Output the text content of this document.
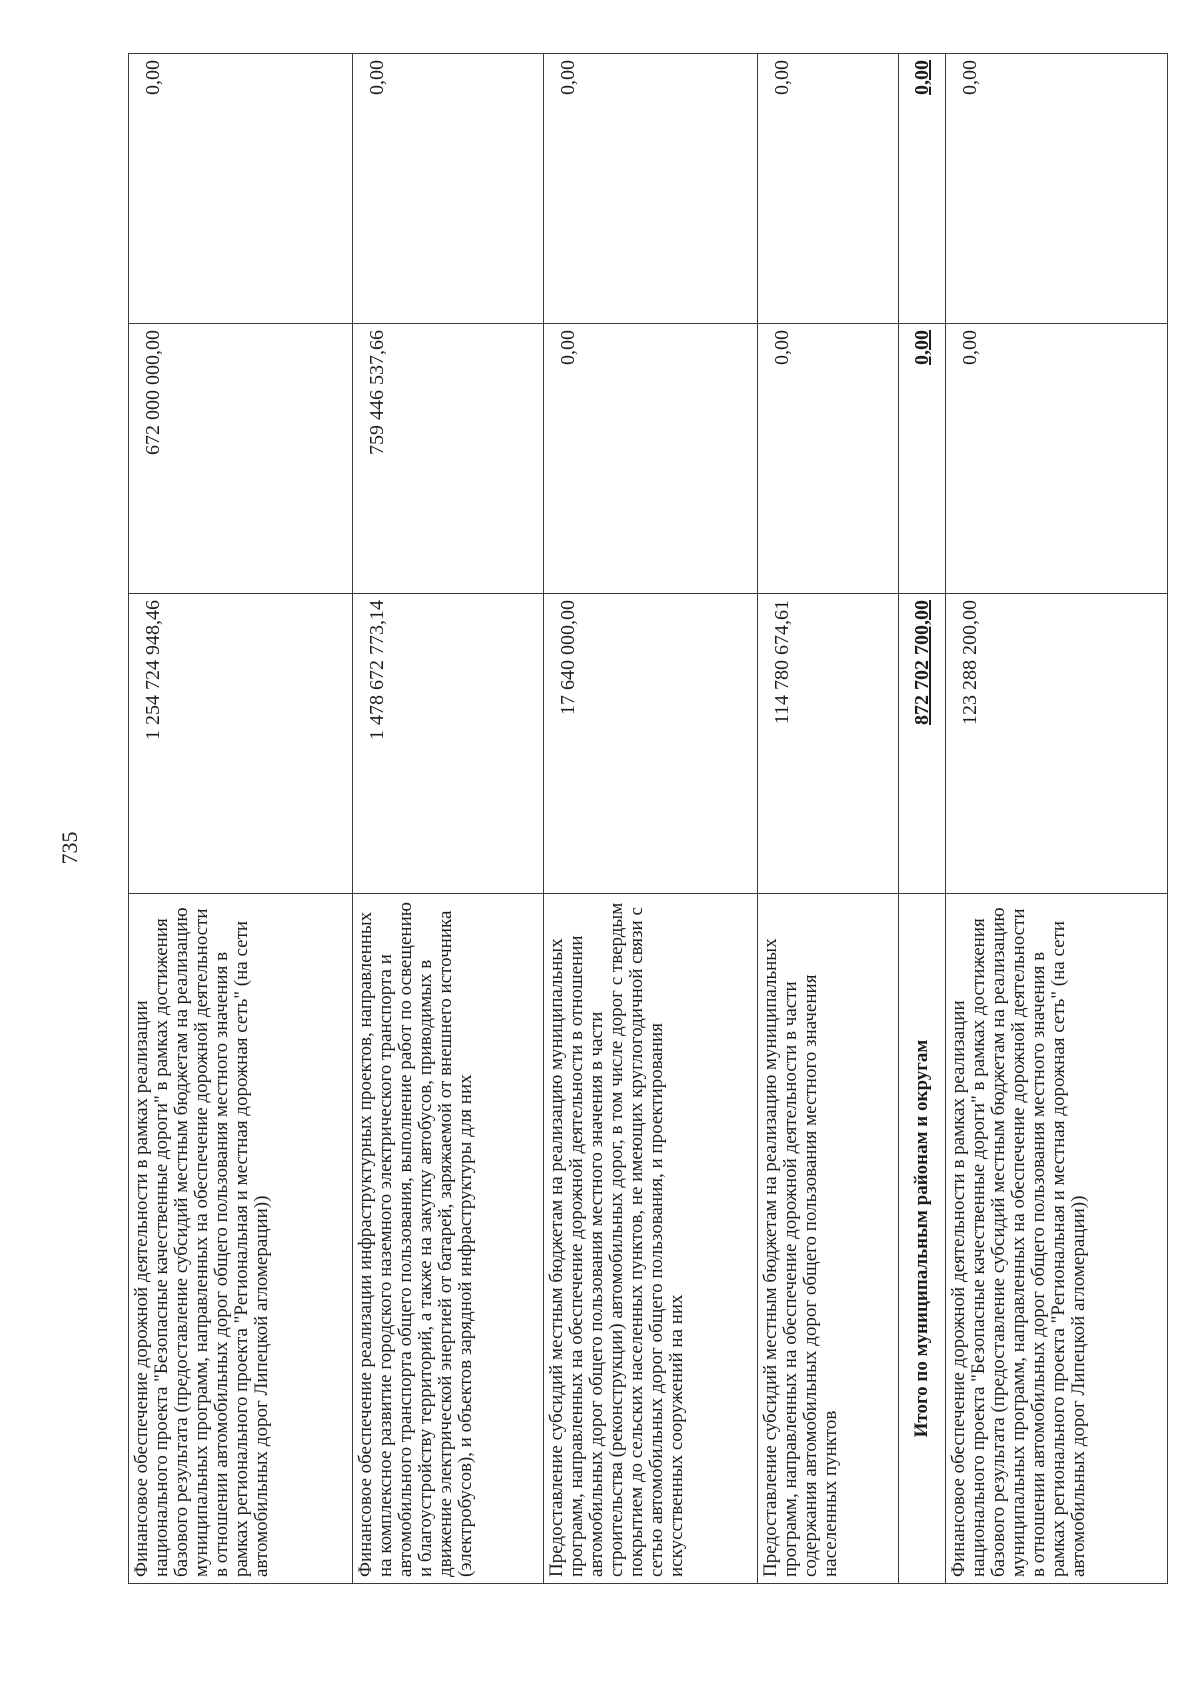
735
Финансовое обеспечение дорожной деятельности в рамках реализации национального проекта "Безопасные качественные дороги" в рамках достижения базового результата (предоставление субсидий местным бюджетам на реализацию муниципальных программ, направленных на обеспечение дорожной деятельности в отношении автомобильных дорог общего пользования местного значения в рамках регионального проекта "Региональная и местная дорожная сеть" (на сети автомобильных дорог Липецкой агломерации))	1 254 724 948,46	672 000 000,00	0,00
Финансовое обеспечение реализации инфраструктурных проектов, направленных на комплексное развитие городского наземного электрического транспорта и автомобильного транспорта общего пользования, выполнение работ по освещению и благоустройству территорий, а также на закупку автобусов, приводимых в движение электрической энергией от батарей, заряжаемой от внешнего источника (электробусов), и объектов зарядной инфраструктуры для них	1 478 672 773,14	759 446 537,66	0,00
Предоставление субсидий местным бюджетам на реализацию муниципальных программ, направленных на обеспечение дорожной деятельности в отношении автомобильных дорог общего пользования местного значения в части строительства (реконструкции) автомобильных дорог, в том числе дорог с твердым покрытием до сельских населенных пунктов, не имеющих круглогодичной связи с сетью автомобильных дорог общего пользования, и проектирования искусственных сооружений на них	17 640 000,00	0,00	0,00
Предоставление субсидий местным бюджетам на реализацию муниципальных программ, направленных на обеспечение дорожной деятельности в части содержания автомобильных дорог общего пользования местного значения населенных пунктов	114 780 674,61	0,00	0,00
Итого по муниципальным районам и округам	872 702 700,00	0,00	0,00
Финансовое обеспечение дорожной деятельности в рамках реализации национального проекта "Безопасные качественные дороги" в рамках достижения базового результата (предоставление субсидий местным бюджетам на реализацию муниципальных программ, направленных на обеспечение дорожной деятельности в отношении автомобильных дорог общего пользования местного значения в рамках регионального проекта "Региональная и местная дорожная сеть" (на сети автомобильных дорог Липецкой агломерации))	123 288 200,00	0,00	0,00
